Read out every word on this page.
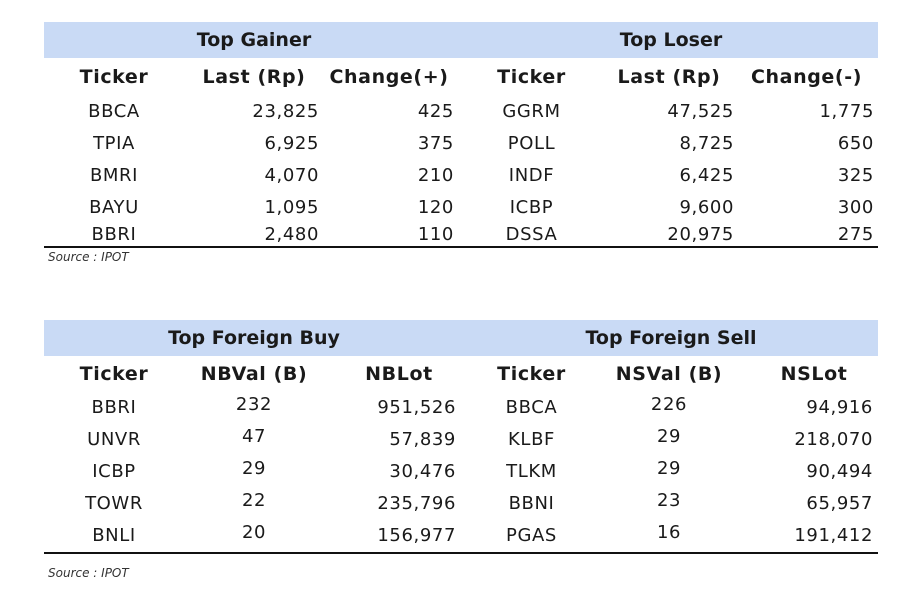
Top Gainer	Top Loser
Ticker	Last (Rp)	Change(+)	Ticker	Last (Rp)	Change(-)
BBCA	23,825	425	GGRM	47,525	1,775
TPIA	6,925	375	POLL	8,725	650
BMRI	4,070	210	INDF	6,425	325
BAYU	1,095	120	ICBP	9,600	300
BBRI	2,480	110	DSSA	20,975	275
Source : IPOT
Top Foreign Buy	Top Foreign Sell
Ticker	NBVal (B)	NBLot	Ticker	NSVal (B)	NSLot
BBRI	232	951,526	BBCA	226	94,916
UNVR	47	57,839	KLBF	29	218,070
ICBP	29	30,476	TLKM	29	90,494
TOWR	22	235,796	BBNI	23	65,957
BNLI	20	156,977	PGAS	16	191,412
Source : IPOT
